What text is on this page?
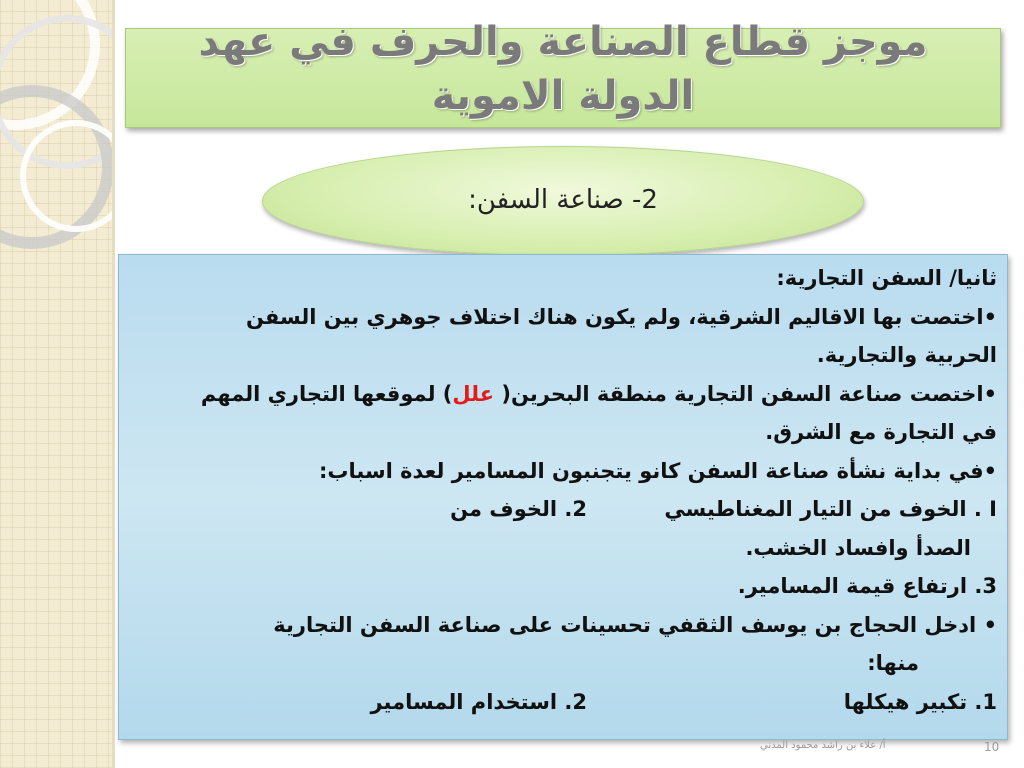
موجز قطاع الصناعة والحرف في عهد الدولة الاموية
2- صناعة السفن:
ثانيا/ السفن التجارية:
•اختصت بها الاقاليم الشرقية، ولم يكون هناك اختلاف جوهري بين السفن
الحربية والتجارية.
•اختصت صناعة السفن التجارية منطقة البحرين( علل) لموقعها التجاري المهم
في التجارة مع الشرق.
•في بداية نشأة صناعة السفن كانو يتجنبون المسامير لعدة اسباب:
I . الخوف من التيار المغناطيسي2. الخوف من
الصدأ وافساد الخشب.
3. ارتفاع قيمة المسامير.
• ادخل الحجاج بن يوسف الثقفي تحسينات على صناعة السفن التجارية
منها:
1. تكبير هيكلها2. استخدام المسامير
أ/ علاء بن راشد محمود المدني	10
